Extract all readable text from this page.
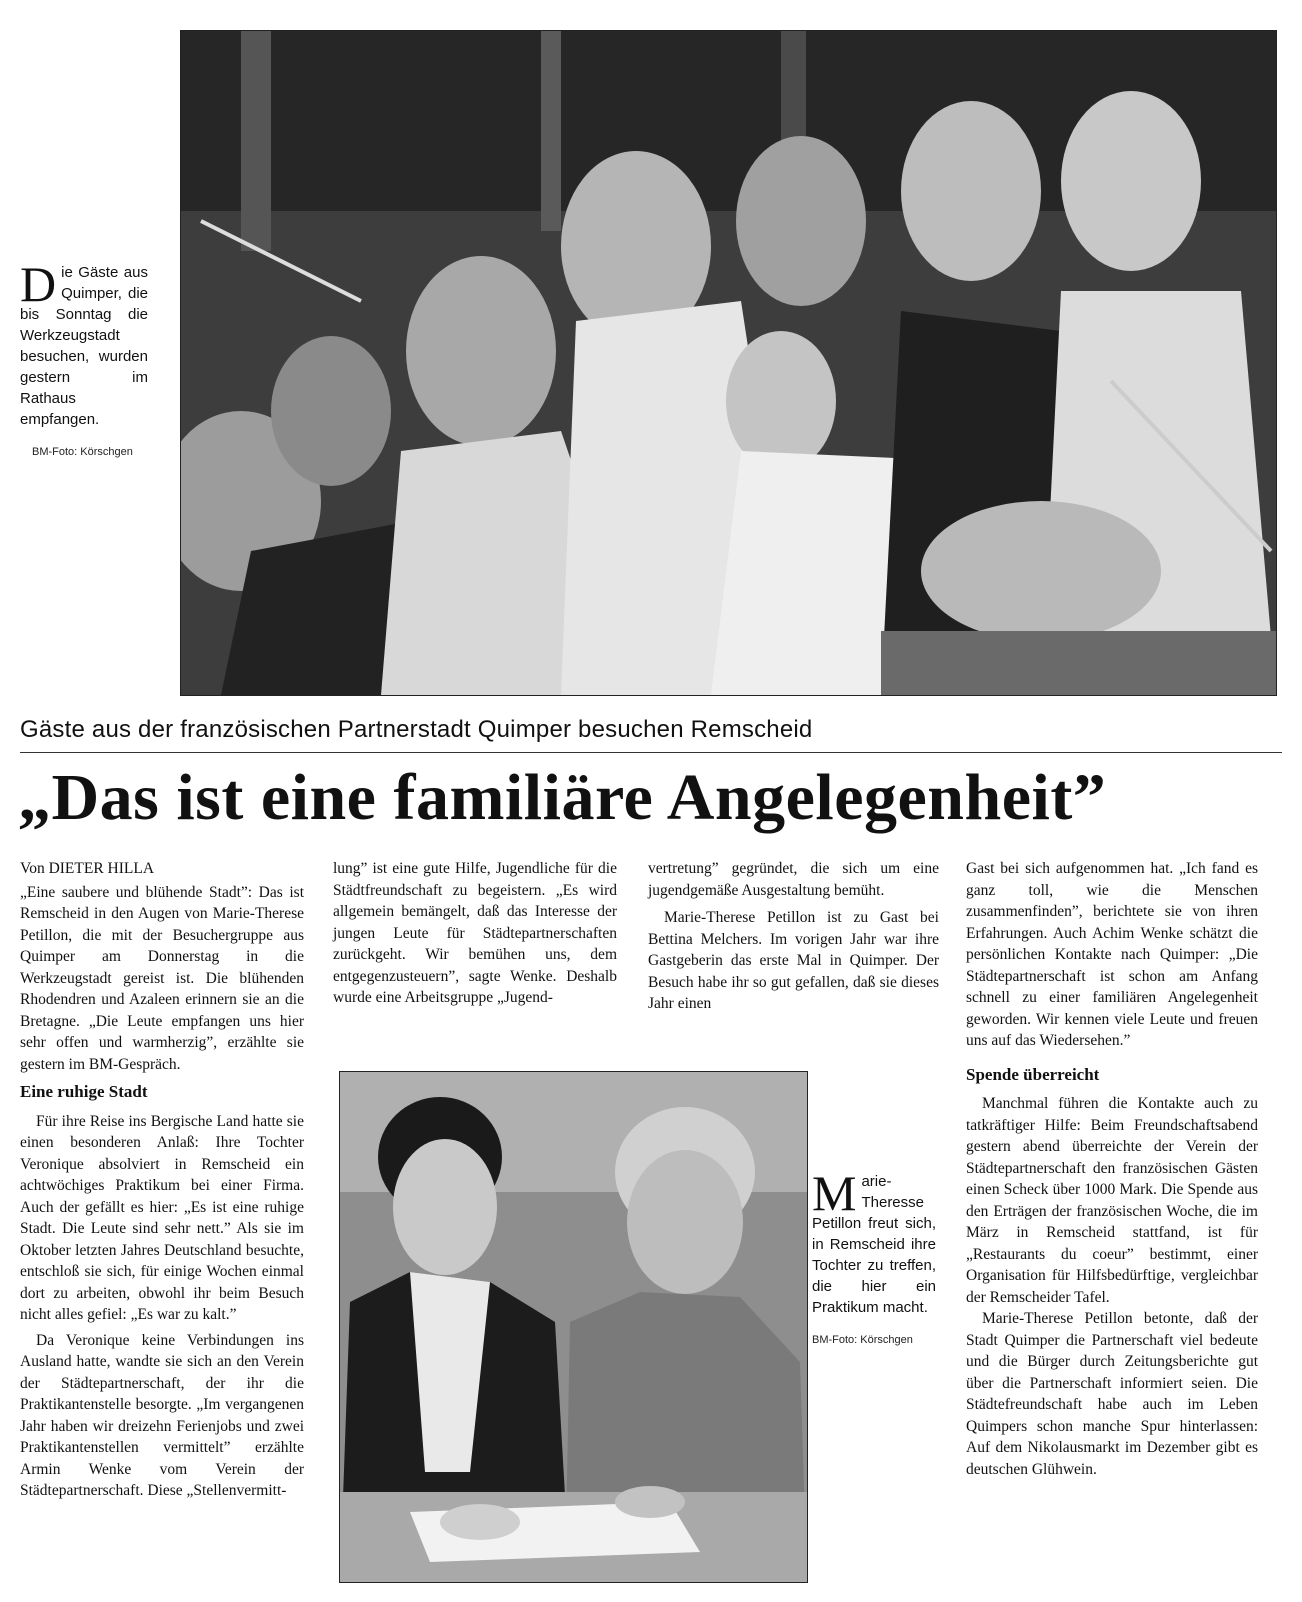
Die Gäste aus Quimper, die bis Sonntag die Werkzeugstadt besuchen, wurden gestern im Rathaus empfangen.
BM-Foto: Körschgen
Gäste aus der französischen Partnerstadt Quimper besuchen Remscheid
„Das ist eine familiäre Angelegenheit”

Von DIETER HILLA

„Eine saubere und blühende Stadt”: Das ist Remscheid in den Augen von Marie-Therese Petillon, die mit der Besuchergruppe aus Quimper am Donnerstag in die Werkzeugstadt gereist ist. Die blühenden Rhodendren und Azaleen erinnern sie an die Bretagne. „Die Leute empfangen uns hier sehr offen und warmherzig”, erzählte sie gestern im BM-Gespräch.

Eine ruhige Stadt

Für ihre Reise ins Bergische Land hatte sie einen besonderen Anlaß: Ihre Tochter Veronique absolviert in Remscheid ein achtwöchiges Praktikum bei einer Firma. Auch der gefällt es hier: „Es ist eine ruhige Stadt. Die Leute sind sehr nett.” Als sie im Oktober letzten Jahres Deutschland besuchte, entschloß sie sich, für einige Wochen einmal dort zu arbeiten, obwohl ihr beim Besuch nicht alles gefiel: „Es war zu kalt.”

Da Veronique keine Verbindungen ins Ausland hatte, wandte sie sich an den Verein der Städtepartnerschaft, der ihr die Praktikantenstelle besorgte. „Im vergangenen Jahr haben wir dreizehn Ferienjobs und zwei Praktikantenstellen vermittelt” erzählte Armin Wenke vom Verein der Städtepartnerschaft. Diese „Stellenvermitt-

lung” ist eine gute Hilfe, Jugendliche für die Städtfreundschaft zu begeistern. „Es wird allgemein bemängelt, daß das Interesse der jungen Leute für Städtepartnerschaften zurückgeht. Wir bemühen uns, dem entgegenzusteuern”, sagte Wenke. Deshalb wurde eine Arbeitsgruppe „Jugend-

vertretung” gegründet, die sich um eine jugendgemäße Ausgestaltung bemüht.

Marie-Therese Petillon ist zu Gast bei Bettina Melchers. Im vorigen Jahr war ihre Gastgeberin das erste Mal in Quimper. Der Besuch habe ihr so gut gefallen, daß sie dieses Jahr einen

Marie-Theresse Petillon freut sich, in Remscheid ihre Tochter zu treffen, die hier ein Praktikum macht.
BM-Foto: Körschgen

Gast bei sich aufgenommen hat. „Ich fand es ganz toll, wie die Menschen zusammenfinden”, berichtete sie von ihren Erfahrungen. Auch Achim Wenke schätzt die persönlichen Kontakte nach Quimper: „Die Städtepartnerschaft ist schon am Anfang schnell zu einer familiären Angelegenheit geworden. Wir kennen viele Leute und freuen uns auf das Wiedersehen.”

Spende überreicht

Manchmal führen die Kontakte auch zu tatkräftiger Hilfe: Beim Freundschaftsabend gestern abend überreichte der Verein der Städtepartnerschaft den französischen Gästen einen Scheck über 1000 Mark. Die Spende aus den Erträgen der französischen Woche, die im März in Remscheid stattfand, ist für „Restaurants du coeur” bestimmt, einer Organisation für Hilfsbedürftige, vergleichbar der Remscheider Tafel.

Marie-Therese Petillon betonte, daß der Stadt Quimper die Partnerschaft viel bedeute und die Bürger durch Zeitungsberichte gut über die Partnerschaft informiert seien. Die Städtefreundschaft habe auch im Leben Quimpers schon manche Spur hinterlassen: Auf dem Nikolausmarkt im Dezember gibt es deutschen Glühwein.
